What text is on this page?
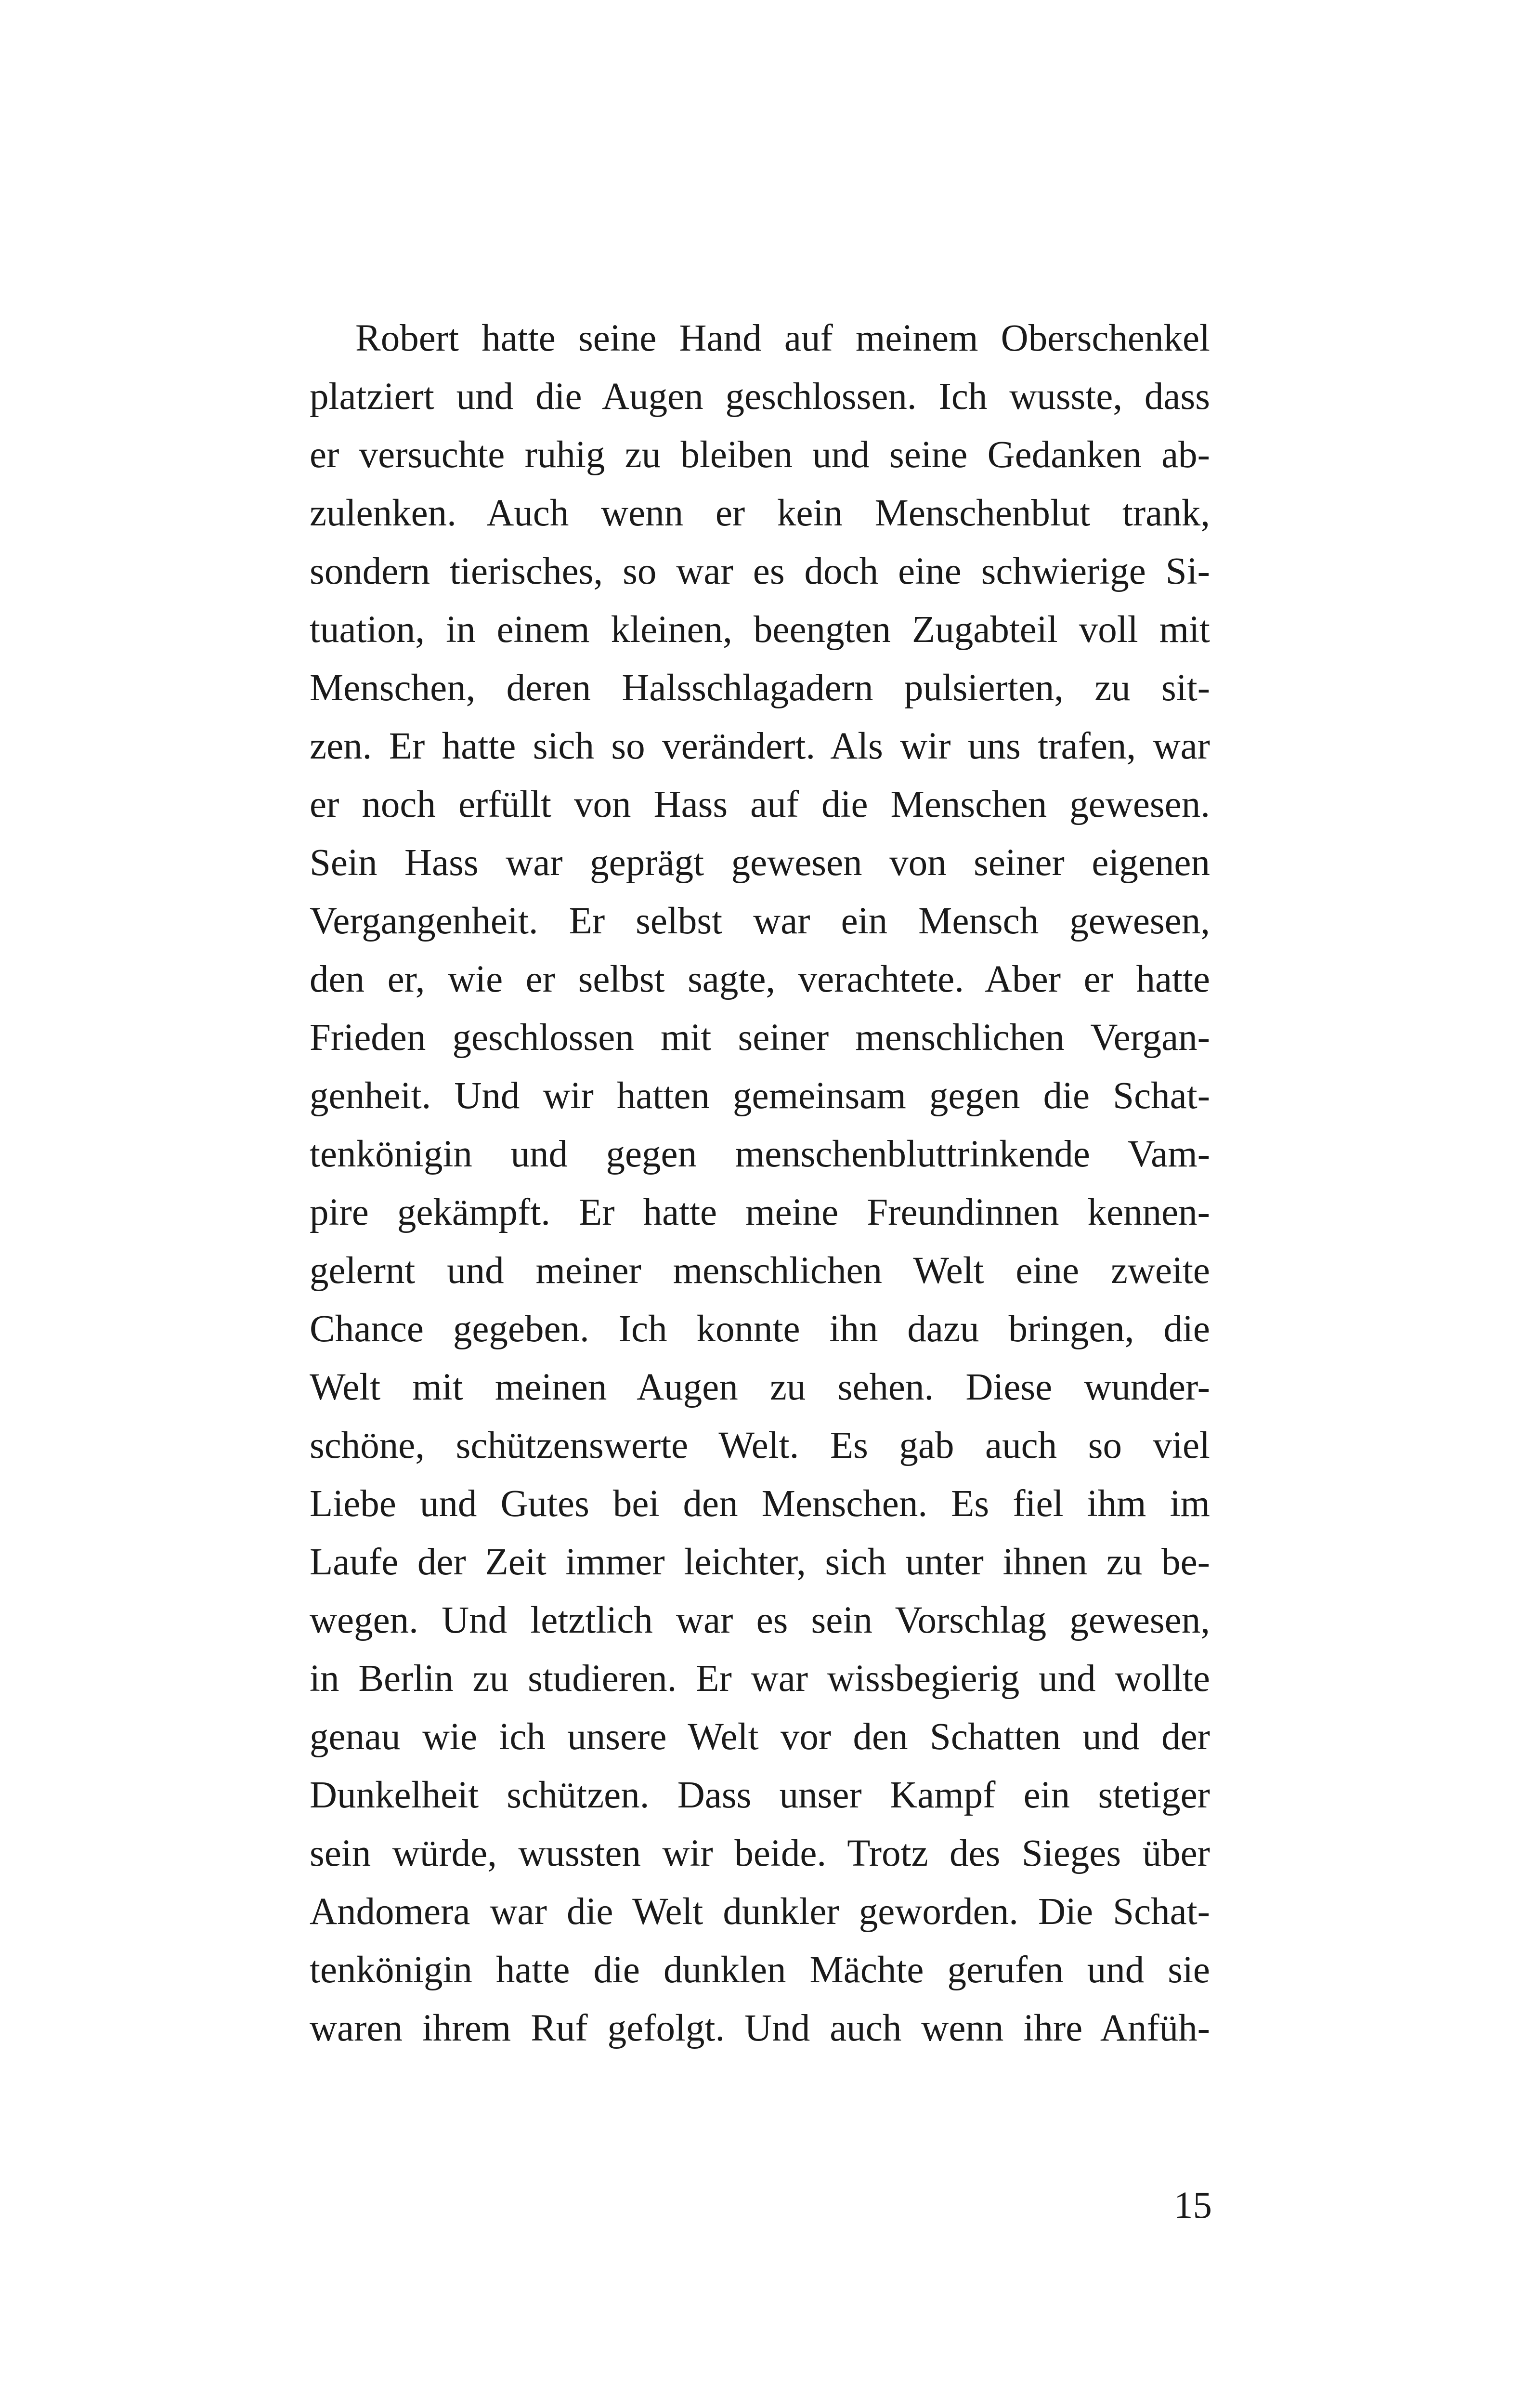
Robert hatte seine Hand auf meinem Oberschenkel
platziert und die Augen geschlossen. Ich wusste, dass
er versuchte ruhig zu bleiben und seine Gedanken ab-
zulenken. Auch wenn er kein Menschenblut trank,
sondern tierisches, so war es doch eine schwierige Si-
tuation, in einem kleinen, beengten Zugabteil voll mit
Menschen, deren Halsschlagadern pulsierten, zu sit-
zen. Er hatte sich so verändert. Als wir uns trafen, war
er noch erfüllt von Hass auf die Menschen gewesen.
Sein Hass war geprägt gewesen von seiner eigenen
Vergangenheit. Er selbst war ein Mensch gewesen,
den er, wie er selbst sagte, verachtete. Aber er hatte
Frieden geschlossen mit seiner menschlichen Vergan-
genheit. Und wir hatten gemeinsam gegen die Schat-
tenkönigin und gegen menschenbluttrinkende Vam-
pire gekämpft. Er hatte meine Freundinnen kennen-
gelernt und meiner menschlichen Welt eine zweite
Chance gegeben. Ich konnte ihn dazu bringen, die
Welt mit meinen Augen zu sehen. Diese wunder-
schöne, schützenswerte Welt. Es gab auch so viel
Liebe und Gutes bei den Menschen. Es fiel ihm im
Laufe der Zeit immer leichter, sich unter ihnen zu be-
wegen. Und letztlich war es sein Vorschlag gewesen,
in Berlin zu studieren. Er war wissbegierig und wollte
genau wie ich unsere Welt vor den Schatten und der
Dunkelheit schützen. Dass unser Kampf ein stetiger
sein würde, wussten wir beide. Trotz des Sieges über
Andomera war die Welt dunkler geworden. Die Schat-
tenkönigin hatte die dunklen Mächte gerufen und sie
waren ihrem Ruf gefolgt. Und auch wenn ihre Anfüh-
15
